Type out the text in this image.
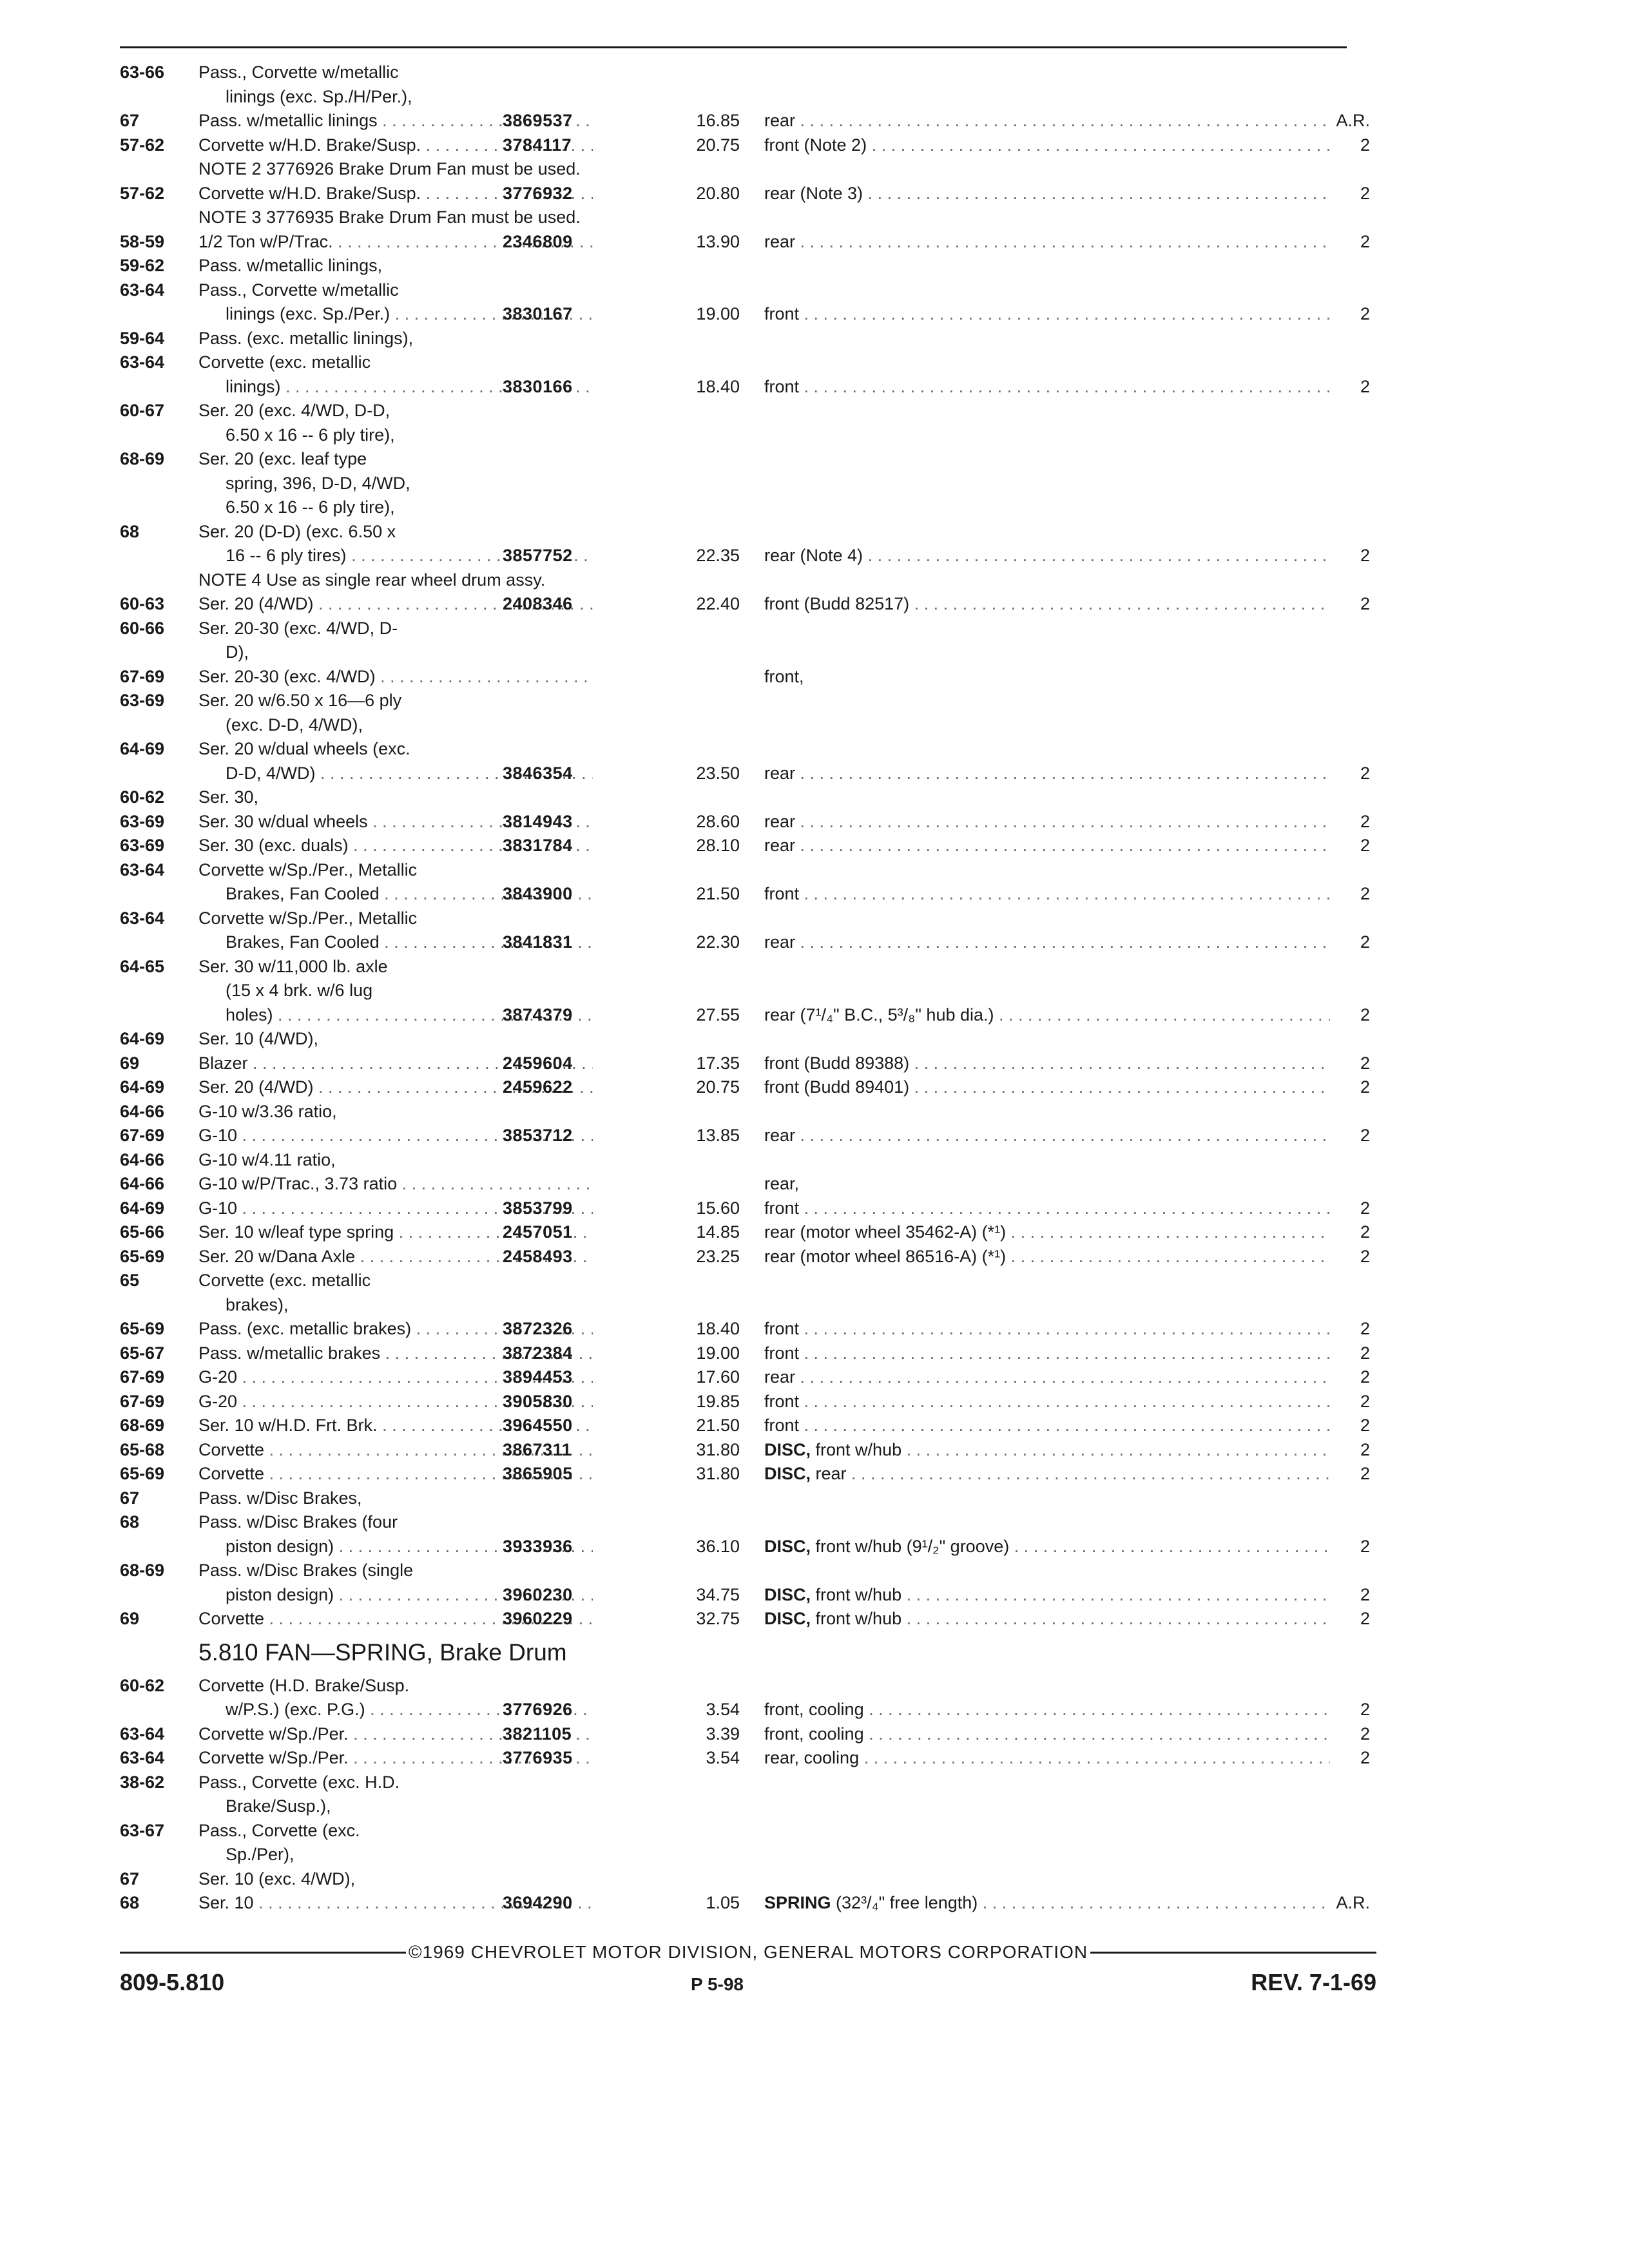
63-66 Pass., Corvette w/metallic
linings (exc. Sp./H/Per.),
67	Pass. w/metallic linings . . .	3869537	16.85 rear . . .	A.R.
57-62 Corvette w/H.D. Brake/Susp. . . .	3784117	20.75 front (Note 2) . . .	2
NOTE 2 3776926 Brake Drum Fan must be used.
57-62 Corvette w/H.D. Brake/Susp. . . .	3776932	20.80 rear (Note 3) . . .	2
NOTE 3 3776935 Brake Drum Fan must be used.
58-59 1/2 Ton w/P/Trac. . . .	2346809	13.90 rear . . .	2
59-62 Pass. w/metallic linings,
63-64 Pass., Corvette w/metallic
linings (exc. Sp./Per.) . . .	3830167	19.00 front . . .	2
59-64 Pass. (exc. metallic linings),
63-64 Corvette (exc. metallic
linings) . . .	3830166	18.40 front . . .	2
60-67 Ser. 20 (exc. 4/WD, D-D,
6.50 x 16 -- 6 ply tire),
68-69 Ser. 20 (exc. leaf type
spring, 396, D-D, 4/WD,
6.50 x 16 -- 6 ply tire),
68	Ser. 20 (D-D) (exc. 6.50 x
16 -- 6 ply tires) . . .	3857752	22.35 rear (Note 4) . . .	2
NOTE 4 Use as single rear wheel drum assy.
60-63 Ser. 20 (4/WD) . . .	2408346	22.40 front (Budd 82517) . . .	2
60-66 Ser. 20-30 (exc. 4/WD, D-
D),
67-69 Ser. 20-30 (exc. 4/WD) . . .	front,
63-69 Ser. 20 w/6.50 x 16—6 ply
(exc. D-D, 4/WD),
64-69 Ser. 20 w/dual wheels (exc.
D-D, 4/WD) . . .	3846354	23.50 rear . . .	2
60-62 Ser. 30,
63-69 Ser. 30 w/dual wheels . . .	3814943	28.60 rear . . .	2
63-69 Ser. 30 (exc. duals) . . .	3831784	28.10 rear . . .	2
63-64 Corvette w/Sp./Per., Metallic
Brakes, Fan Cooled . . .	3843900	21.50 front . . .	2
63-64 Corvette w/Sp./Per., Metallic
Brakes, Fan Cooled . . .	3841831	22.30 rear . . .	2
64-65 Ser. 30 w/11,000 lb. axle
(15 x 4 brk. w/6 lug
holes) . . .	3874379	27.55 rear (7¹/₄" B.C., 5³/₈" hub dia.) . . .	2
64-69 Ser. 10 (4/WD),
69	Blazer . . .	2459604	17.35 front (Budd 89388) . . .	2
64-69 Ser. 20 (4/WD) . . .	2459622	20.75 front (Budd 89401) . . .	2
64-66 G-10 w/3.36 ratio,
67-69 G-10 . . .	3853712	13.85 rear . . .	2
64-66 G-10 w/4.11 ratio,
64-66 G-10 w/P/Trac., 3.73 ratio . . .	rear,
64-69 G-10 . . .	3853799	15.60 front . . .	2
65-66 Ser. 10 w/leaf type spring . . .	2457051	14.85 rear (motor wheel 35462-A) (*¹) . . .	2
65-69 Ser. 20 w/Dana Axle . . .	2458493	23.25 rear (motor wheel 86516-A) (*¹) . . .	2
65	Corvette (exc. metallic
brakes),
65-69 Pass. (exc. metallic brakes) . . .	3872326	18.40 front . . .	2
65-67 Pass. w/metallic brakes . . .	3872384	19.00 front . . .	2
67-69 G-20 . . .	3894453	17.60 rear . . .	2
67-69 G-20 . . .	3905830	19.85 front . . .	2
68-69 Ser. 10 w/H.D. Frt. Brk. . . .	3964550	21.50 front . . .	2
65-68 Corvette . . .	3867311	31.80 DISC, front w/hub . . .	2
65-69 Corvette . . .	3865905	31.80 DISC, rear . . .	2
67	Pass. w/Disc Brakes,
68	Pass. w/Disc Brakes (four
piston design) . . .	3933936	36.10 DISC, front w/hub (9¹/₂" groove) . . .	2
68-69 Pass. w/Disc Brakes (single
piston design) . . .	3960230	34.75 DISC, front w/hub . . .	2
69	Corvette . . .	3960229	32.75 DISC, front w/hub . . .	2
5.810 FAN—SPRING, Brake Drum
60-62 Corvette (H.D. Brake/Susp.
w/P.S.) (exc. P.G.) . . .	3776926	3.54 front, cooling . . .	2
63-64 Corvette w/Sp./Per. . . .	3821105	3.39 front, cooling . . .	2
63-64 Corvette w/Sp./Per. . . .	3776935	3.54 rear, cooling . . .	2
38-62 Pass., Corvette (exc. H.D.
Brake/Susp.),
63-67 Pass., Corvette (exc.
Sp./Per),
67	Ser. 10 (exc. 4/WD),
68	Ser. 10 . . .	3694290	1.05 SPRING (32³/₄" free length) . . .	A.R.
©1969 CHEVROLET MOTOR DIVISION, GENERAL MOTORS CORPORATION
809-5.810	P 5-98	REV. 7-1-69
